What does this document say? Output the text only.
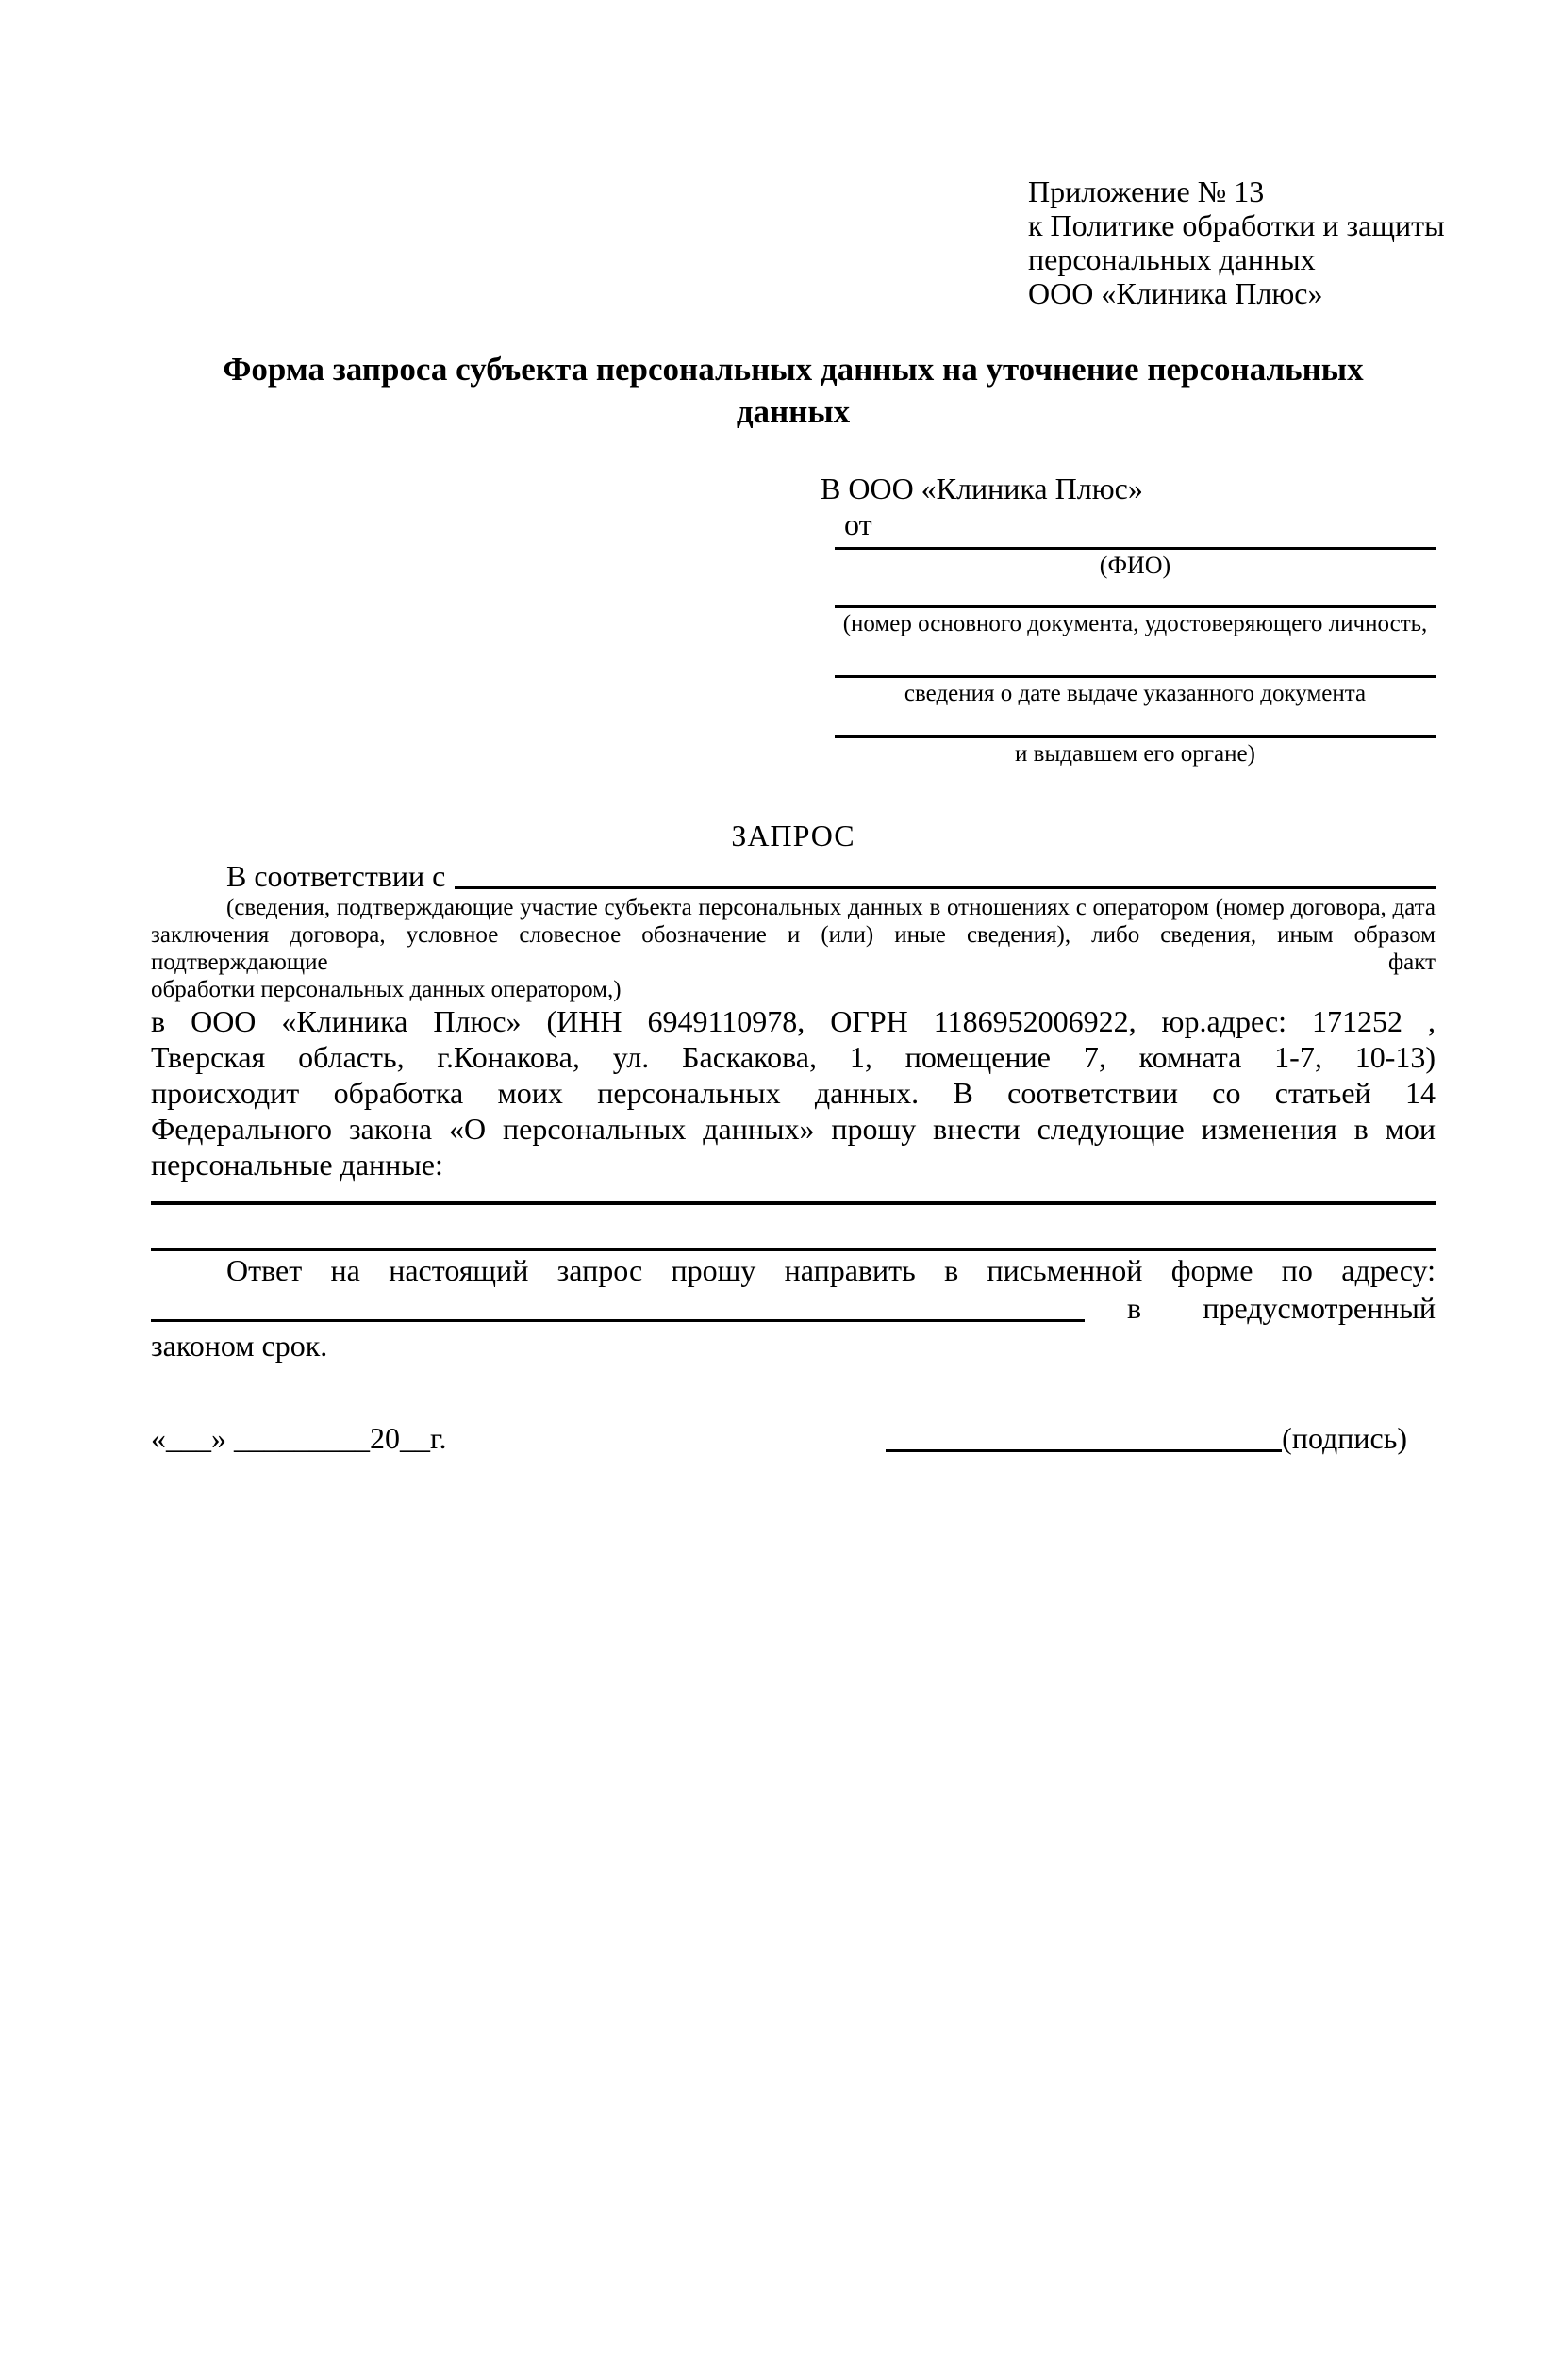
Приложение № 13
к Политике обработки и защиты
персональных данных
ООО «Клиника Плюс»
Форма запроса субъекта персональных данных на уточнение персональных данных
В ООО «Клиника Плюс»
от
(ФИО)
(номер основного документа, удостоверяющего личность,
сведения о дате выдаче указанного документа
и выдавшем его органе)
ЗАПРОС
В соответствии с
(сведения, подтверждающие участие субъекта персональных данных в отношениях с оператором (номер договора, дата
заключения договора, условное словесное обозначение и (или) иные сведения), либо сведения, иным образом подтверждающие факт
обработки персональных данных оператором,)
в ООО «Клиника Плюс» (ИНН 6949110978, ОГРН 1186952006922, юр.адрес: 171252 ,
Тверская область, г.Конакова, ул. Баскакова, 1, помещение 7, комната 1-7, 10-13)
происходит обработка моих персональных данных. В соответствии со статьей 14
Федерального закона «О персональных данных» прошу внести следующие изменения в мои
персональные данные:
Ответ на настоящий запрос прошу направить в письменной форме по адресу:
в предусмотренный
законом срок.
«___» _________20__г.	(подпись)
